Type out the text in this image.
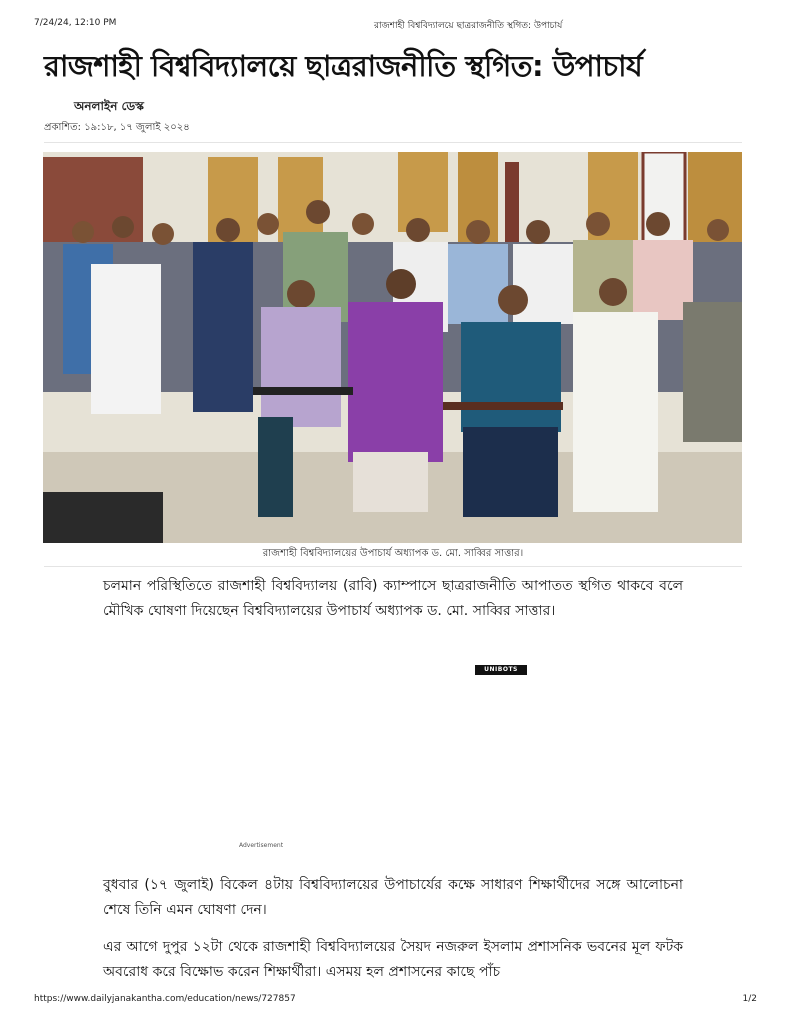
7/24/24, 12:10 PM	রাজশাহী বিশ্ববিদ্যালয়ে ছাত্ররাজনীতি স্থগিত: উপাচার্য
রাজশাহী বিশ্ববিদ্যালয়ে ছাত্ররাজনীতি স্থগিত: উপাচার্য
অনলাইন ডেস্ক
প্রকাশিত: ১৯:১৮, ১৭ জুলাই ২০২৪
রাজশাহী বিশ্ববিদ্যালয়ের উপাচার্য অধ্যাপক ড. মো. সাব্বির সাত্তার।
চলমান পরিস্থিতিতে রাজশাহী বিশ্ববিদ্যালয় (রাবি) ক্যাম্পাসে ছাত্ররাজনীতি আপাতত স্থগিত থাকবে বলে মৌখিক ঘোষণা দিয়েছেন বিশ্ববিদ্যালয়ের উপাচার্য অধ্যাপক ড. মো. সাব্বির সাত্তার।
UNIBOTS
Advertisement
বুধবার (১৭ জুলাই) বিকেল ৪টায় বিশ্ববিদ্যালয়ের উপাচার্যের কক্ষে সাধারণ শিক্ষার্থীদের সঙ্গে আলোচনা শেষে তিনি এমন ঘোষণা দেন।
এর আগে দুপুর ১২টা থেকে রাজশাহী বিশ্ববিদ্যালয়ের সৈয়দ নজরুল ইসলাম প্রশাসনিক ভবনের মূল ফটক অবরোধ করে বিক্ষোভ করেন শিক্ষার্থীরা। এসময় হল প্রশাসনের কাছে পাঁচ
https://www.dailyjanakantha.com/education/news/727857	1/2
